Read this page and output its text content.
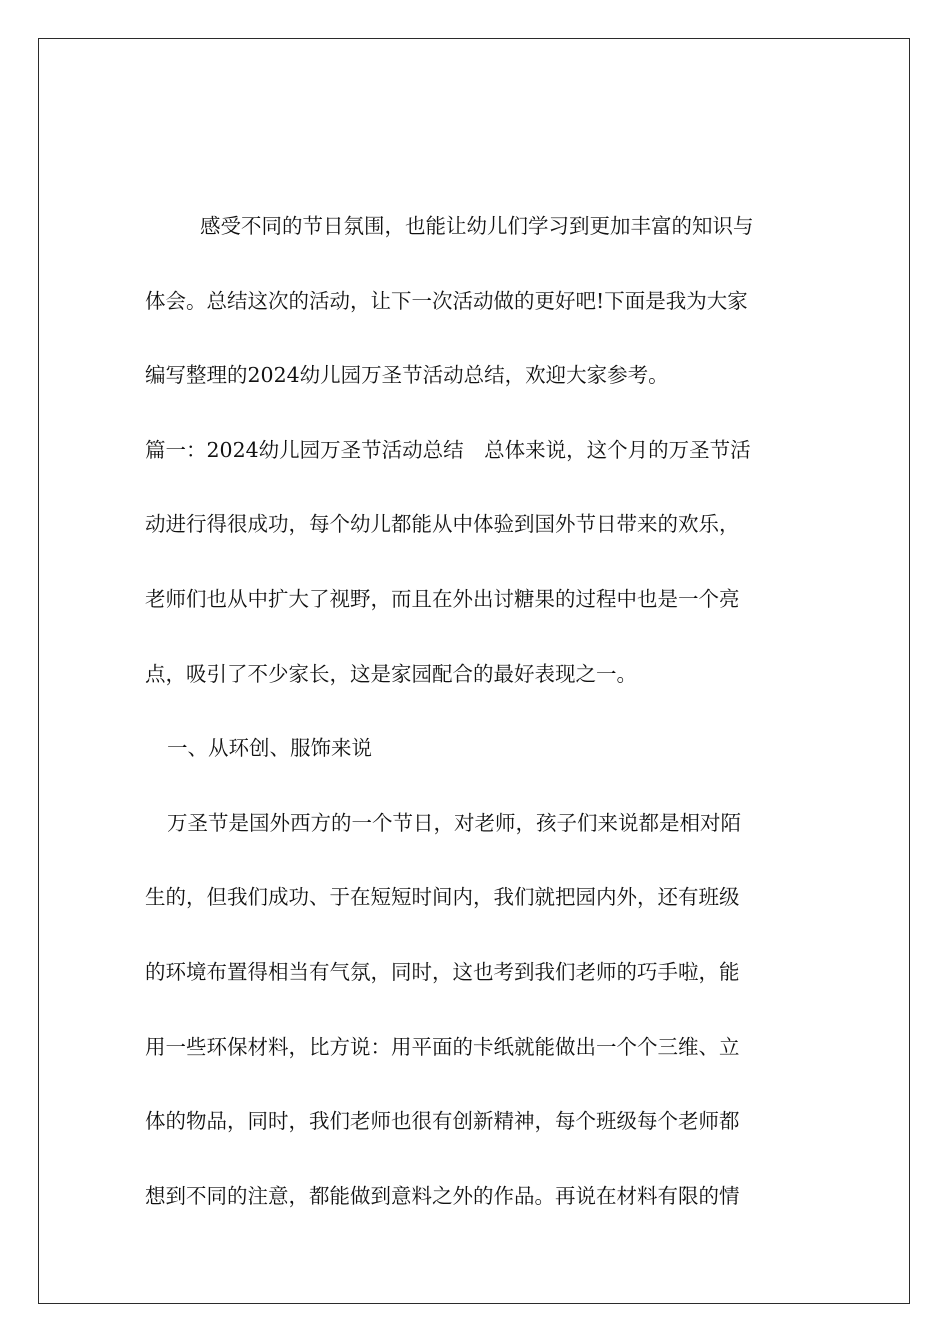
感受不同的节日氛围，也能让幼儿们学习到更加丰富的知识与
体会。总结这次的活动，让下一次活动做的更好吧!下面是我为大家
编写整理的2024幼儿园万圣节活动总结，欢迎大家参考。
篇一：2024幼儿园万圣节活动总结　总体来说，这个月的万圣节活
动进行得很成功，每个幼儿都能从中体验到国外节日带来的欢乐，
老师们也从中扩大了视野，而且在外出讨糖果的过程中也是一个亮
点，吸引了不少家长，这是家园配合的最好表现之一。
一、从环创、服饰来说
万圣节是国外西方的一个节日，对老师，孩子们来说都是相对陌
生的，但我们成功、于在短短时间内，我们就把园内外，还有班级
的环境布置得相当有气氛，同时，这也考到我们老师的巧手啦，能
用一些环保材料，比方说：用平面的卡纸就能做出一个个三维、立
体的物品，同时，我们老师也很有创新精神，每个班级每个老师都
想到不同的注意，都能做到意料之外的作品。再说在材料有限的情
